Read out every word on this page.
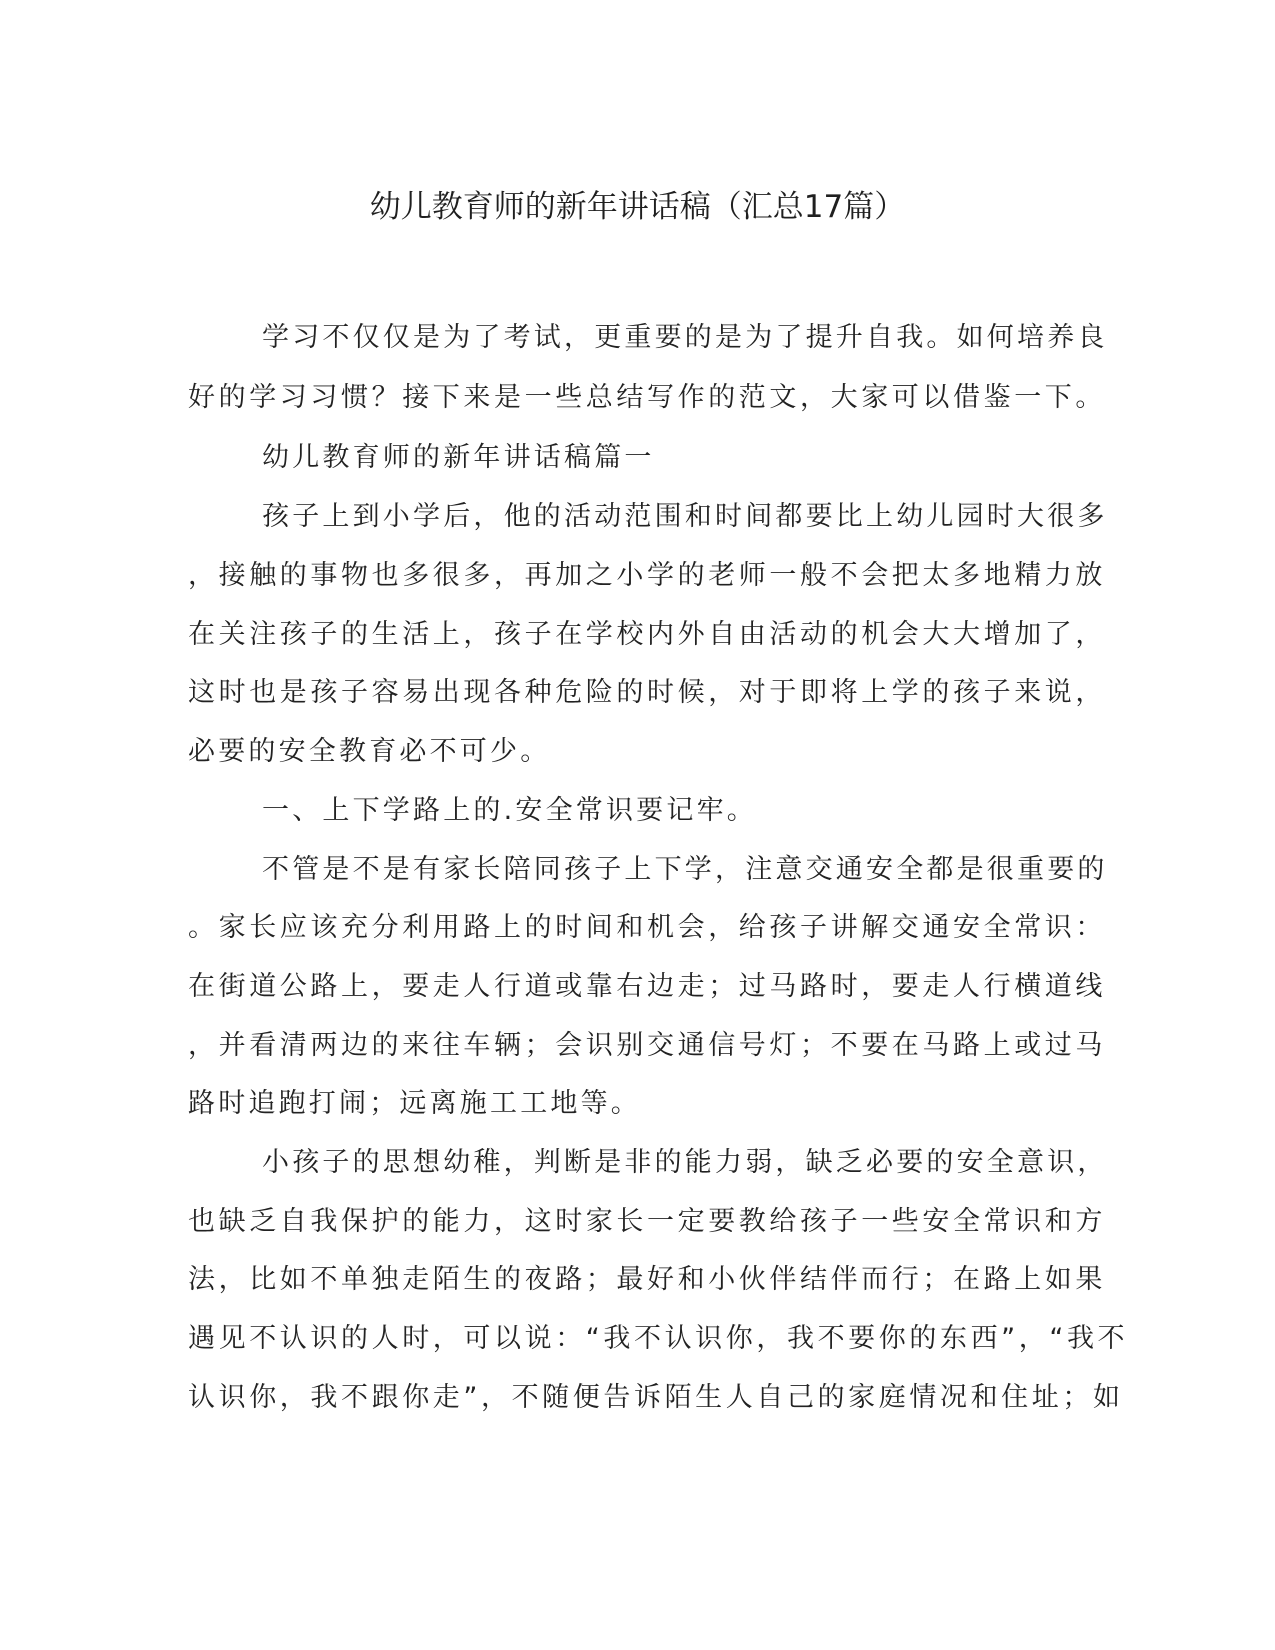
幼儿教育师的新年讲话稿（汇总17篇）
学习不仅仅是为了考试，更重要的是为了提升自我。如何培养良
好的学习习惯？接下来是一些总结写作的范文，大家可以借鉴一下。
幼儿教育师的新年讲话稿篇一
孩子上到小学后，他的活动范围和时间都要比上幼儿园时大很多
，接触的事物也多很多，再加之小学的老师一般不会把太多地精力放
在关注孩子的生活上，孩子在学校内外自由活动的机会大大增加了，
这时也是孩子容易出现各种危险的时候，对于即将上学的孩子来说，
必要的安全教育必不可少。
一、上下学路上的.安全常识要记牢。
不管是不是有家长陪同孩子上下学，注意交通安全都是很重要的
。家长应该充分利用路上的时间和机会，给孩子讲解交通安全常识：
在街道公路上，要走人行道或靠右边走；过马路时，要走人行横道线
，并看清两边的来往车辆；会识别交通信号灯；不要在马路上或过马
路时追跑打闹；远离施工工地等。
小孩子的思想幼稚，判断是非的能力弱，缺乏必要的安全意识，
也缺乏自我保护的能力，这时家长一定要教给孩子一些安全常识和方
法，比如不单独走陌生的夜路；最好和小伙伴结伴而行；在路上如果
遇见不认识的人时，可以说：“我不认识你，我不要你的东西”，“我不
认识你，我不跟你走”，不随便告诉陌生人自己的家庭情况和住址；如
